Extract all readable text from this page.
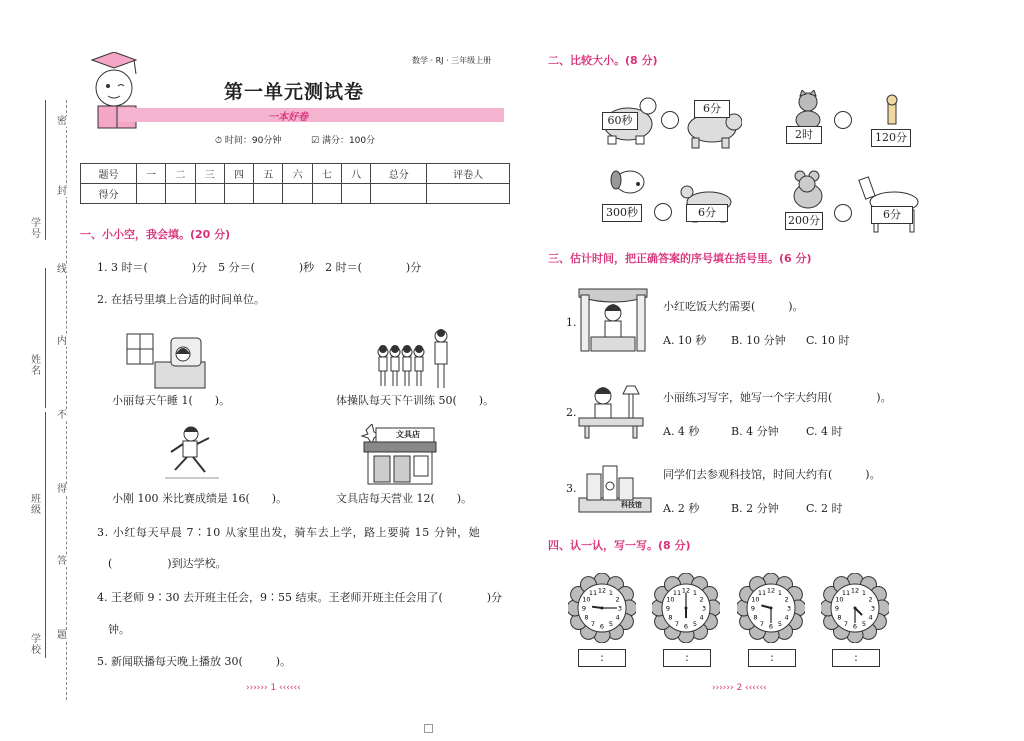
学号
姓名
班级
学校
密
封
线
内
不
得
答
题
数学 · RJ · 三年级上册
第一单元测试卷
一本好卷
⏱ 时间：90分钟	☑ 满分：100分
题号	一	二	三	四	五	六	七	八	总分	评卷人
得分										
一、小小空，我会填。(20 分)
1. 3 时＝(　　　　)分　5 分＝(　　　　)秒　2 时＝(　　　　)分
2. 在括号里填上合适的时间单位。
小丽每天午睡 1(　　)。	体操队每天下午训练 50(　　)。
小刚 100 米比赛成绩是 16(　　)。
文具店
文具店每天营业 12(　　)。
3. 小红每天早晨 7∶10 从家里出发，骑车去上学，路上要骑 15 分钟，她
(　　　　　)到达学校。
4. 王老师 9∶30 去开班主任会，9∶55 结束。王老师开班主任会用了(　　　　)分
钟。
5. 新闻联播每天晚上播放 30(　　　)。
›››››› 1 ‹‹‹‹‹‹
二、比较大小。(8 分)
60秒
6分
2时	120分
300秒	6分
200分	6分
三、估计时间，把正确答案的序号填在括号里。(6 分)
1.
小红吃饭大约需要(　　　)。
A. 10 秒 B. 10 分钟 C. 10 时
2.
小丽练习写字，她写一个字大约用(　　　　)。
A. 4 秒	B. 4 分钟 C. 4 时
3.
科技馆
同学们去参观科技馆，时间大约有(　　　)。
A. 2 秒	B. 2 分钟 C. 2 时
四、认一认，写一写。(8 分)
1
2
3
4
5
6
7
8
9
10
11 12	1
2
3
4
5
6
7
8
9
10
11 12	1
2
3
4
5
6
7
8
9
10
11 12	1
2
3
4
5
6
7
8
9
10
11 12
:	:	:	:
›››››› 2 ‹‹‹‹‹‹
